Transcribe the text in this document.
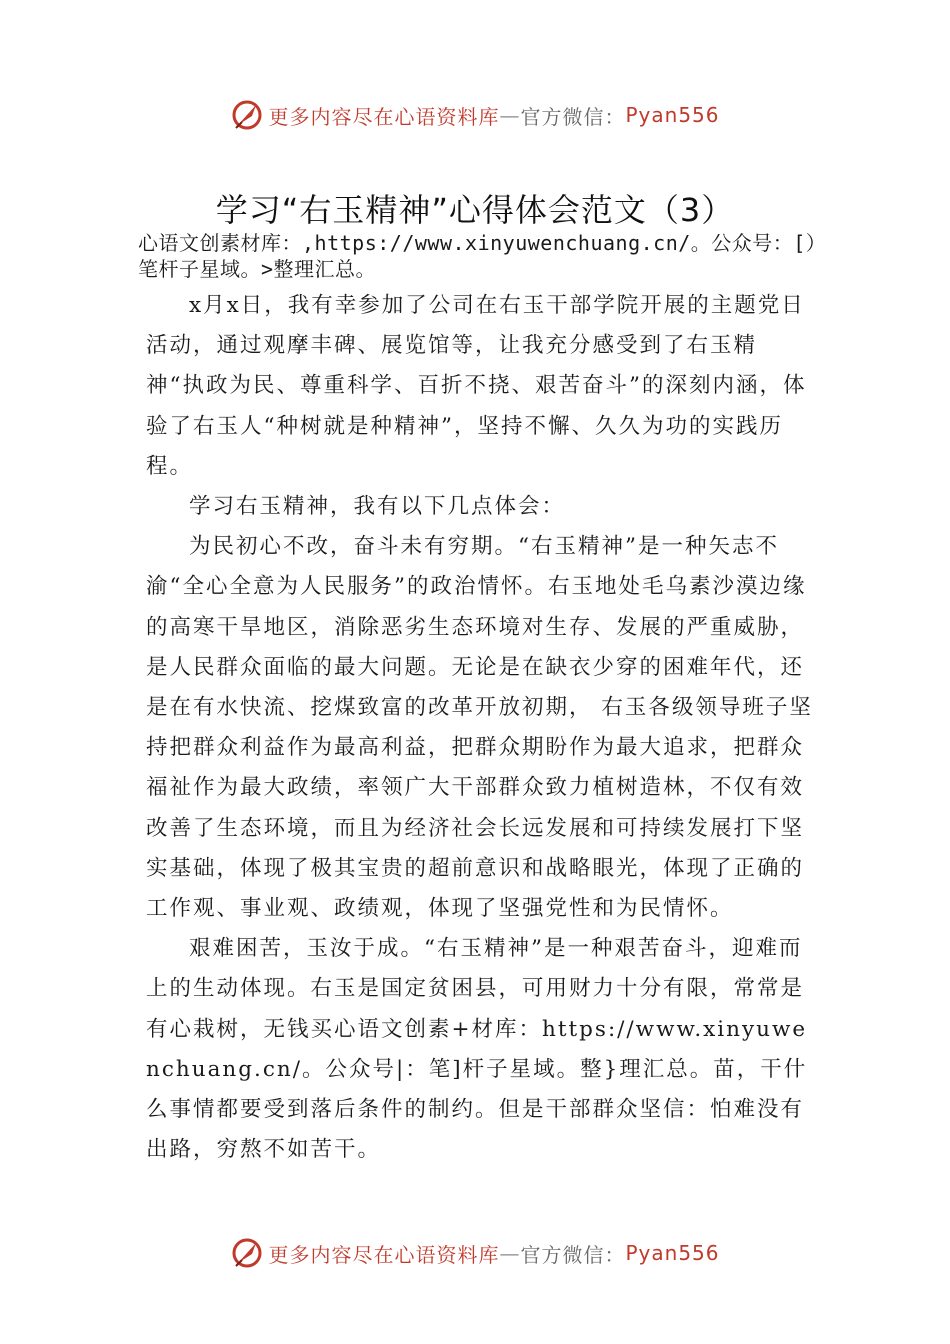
更多内容尽在心语资料库 — 官方微信： Pyan556
学习“右玉精神”心得体会范文（3）
心语文创素材库：,https://www.xinyuwenchuang.cn/。公众号：[）笔杆子星域。>整理汇总。

x月x日，我有幸参加了公司在右玉干部学院开展的主题党日活动，通过观摩丰碑、展览馆等，让我充分感受到了右玉精神“执政为民、尊重科学、百折不挠、艰苦奋斗”的深刻内涵，体验了右玉人“种树就是种精神”，坚持不懈、久久为功的实践历程。

学习右玉精神，我有以下几点体会：

为民初心不改，奋斗未有穷期。“右玉精神”是一种矢志不渝“全心全意为人民服务”的政治情怀。右玉地处毛乌素沙漠边缘的高寒干旱地区，消除恶劣生态环境对生存、发展的严重威胁，是人民群众面临的最大问题。无论是在缺衣少穿的困难年代，还是在有水快流、挖煤致富的改革开放初期， 右玉各级领导班子坚持把群众利益作为最高利益，把群众期盼作为最大追求，把群众福祉作为最大政绩，率领广大干部群众致力植树造林，不仅有效改善了生态环境，而且为经济社会长远发展和可持续发展打下坚实基础，体现了极其宝贵的超前意识和战略眼光，体现了正确的工作观、事业观、政绩观，体现了坚强党性和为民情怀。

艰难困苦，玉汝于成。“右玉精神”是一种艰苦奋斗，迎难而上的生动体现。右玉是国定贫困县，可用财力十分有限，常常是有心栽树，无钱买心语文创素+材库：https://www.xinyuwenchuang.cn/。公众号|：笔]杆子星域。整}理汇总。苗，干什么事情都要受到落后条件的制约。但是干部群众坚信：怕难没有出路，穷熬不如苦干。

更多内容尽在心语资料库 — 官方微信： Pyan556
